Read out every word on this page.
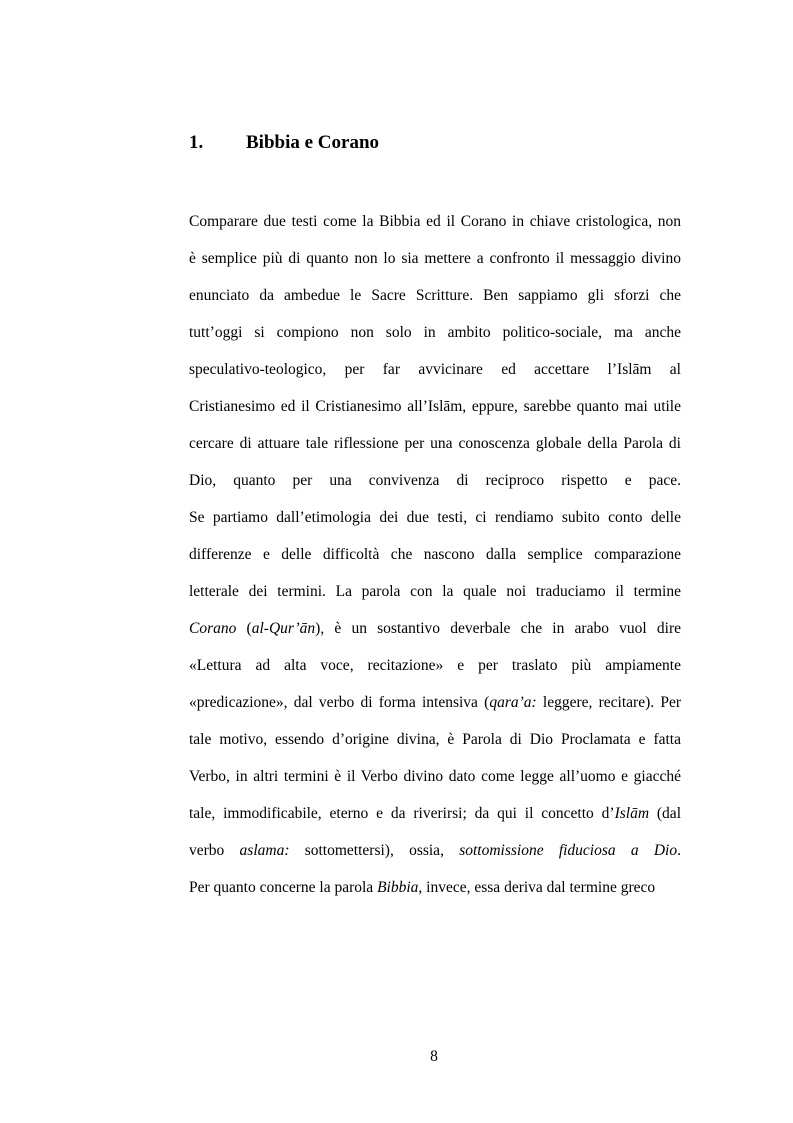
1.	Bibbia e Corano
Comparare due testi come la Bibbia ed il Corano in chiave cristologica, non
è semplice più di quanto non lo sia mettere a confronto il messaggio divino
enunciato da ambedue le Sacre Scritture. Ben sappiamo gli sforzi che
tutt’oggi si compiono non solo in ambito politico-sociale, ma anche
speculativo-teologico, per far avvicinare ed accettare l’Islām al
Cristianesimo ed il Cristianesimo all’Islām, eppure, sarebbe quanto mai utile
cercare di attuare tale riflessione per una conoscenza globale della Parola di
Dio, quanto per una convivenza di reciproco rispetto e pace.
Se partiamo dall’etimologia dei due testi, ci rendiamo subito conto delle
differenze e delle difficoltà che nascono dalla semplice comparazione
letterale dei termini. La parola con la quale noi traduciamo il termine
Corano (al-Qur’ān), è un sostantivo deverbale che in arabo vuol dire
«Lettura ad alta voce, recitazione» e per traslato più ampiamente
«predicazione», dal verbo di forma intensiva (qara’a: leggere, recitare). Per
tale motivo, essendo d’origine divina, è Parola di Dio Proclamata e fatta
Verbo, in altri termini è il Verbo divino dato come legge all’uomo e giacché
tale, immodificabile, eterno e da riverirsi; da qui il concetto d’Islām (dal
verbo aslama: sottomettersi), ossia, sottomissione fiduciosa a Dio.
Per quanto concerne la parola Bibbia, invece, essa deriva dal termine greco
8
